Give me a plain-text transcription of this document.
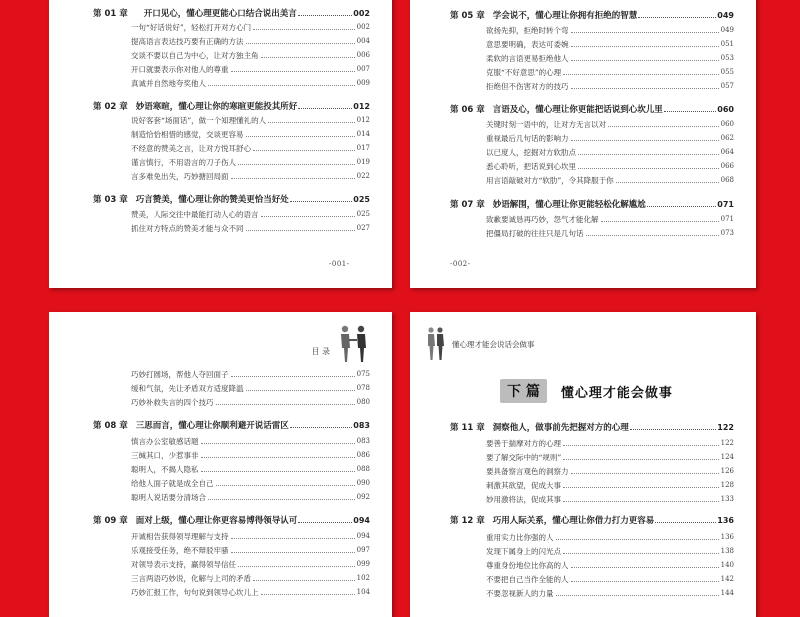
第 01 章 开口见心，懂心理更能心口结合说出美言	002
一句“好话说好”，轻松打开对方心门	002
提高语言表达技巧要有正确的方法	004
交谈不要以自己为中心，让对方独主角	006
开口就要表示你对他人的尊重	007
真诚并自然地夸奖他人	009
第 02 章 妙语寒暄，懂心理让你的寒暄更能投其所好	012
说好客套“场面话”，做一个知理懂礼的人	012
制造恰恰相惜的感觉，交谈更容易	014
不经意的赞美之言，让对方悦耳舒心	017
谨言慎行，不用语言的刀子伤人	019
言多难免出失，巧妙搪回局面	022
第 03 章 巧言赞美，懂心理让你的赞美更恰当好处	025
赞美，人际交往中最能打动人心的语言	025
抓住对方特点的赞美才能与众不同	027
-001-
第 05 章 学会说不，懂心理让你拥有拒绝的智慧	049
欲扬先抑，拒绝时转个弯	049
意思要明确，表达可委婉	051
柔软的言语更易拒绝他人	053
克服“不好意思”的心理	055
拒绝但不伤害对方的技巧	057
第 06 章 言语及心，懂心理让你更能把话说到心坎儿里	060
关键时刻一语中的，让对方无言以对	060
重视最后几句话的影响力	062
以已度人，挖掘对方软肋点	064
悉心聆听，把话说到心坎里	066
用言语敲破对方“软肋”，令其降服于你	068
第 07 章 妙语解围，懂心理让你更能轻松化解尴尬	071
致歉要诚恳再巧妙，怨气才能化解	071
把僵局打破的往往只是几句话	073
-002-
目 录
巧妙打圆场，帮他人夺回面子	075
缓和气氛，先让矛盾双方适度降温	078
巧妙补救失言的四个技巧	080
第 08 章 三思而言，懂心理让你顺利避开说话雷区	083
慎言办公室敏感话题	083
三缄其口，少惹事非	086
聪明人，不揭人隐私	088
给他人面子就是成全自己	090
聪明人说话要分清场合	092
第 09 章 面对上级，懂心理让你更容易博得领导认可	094
开诚相告获得领导理解与支持	094
乐观接受任务，绝不辩驳牢骚	097
对领导表示支持，赢得领导信任	099
三言两语巧妙说，化解与上司的矛盾	102
巧妙汇报工作，句句说到领导心坎儿上	104
懂心理才能会说话会做事
下 篇	懂心理才能会做事
第 11 章 洞察他人，做事前先把握对方的心理	122
要善于揣摩对方的心理	122
要了解交际中的“规则”	124
要具备察言观色的洞察力	126
刺激其欲望，促成大事	128
妙用激将法，促成其事	133
第 12 章 巧用人际关系，懂心理让你借力打力更容易	136
重用实力比你强的人	136
发现下属身上的闪光点	138
尊重身份地位比你高的人	140
不要把自己当作全能的人	142
不要忽视新人的力量	144
